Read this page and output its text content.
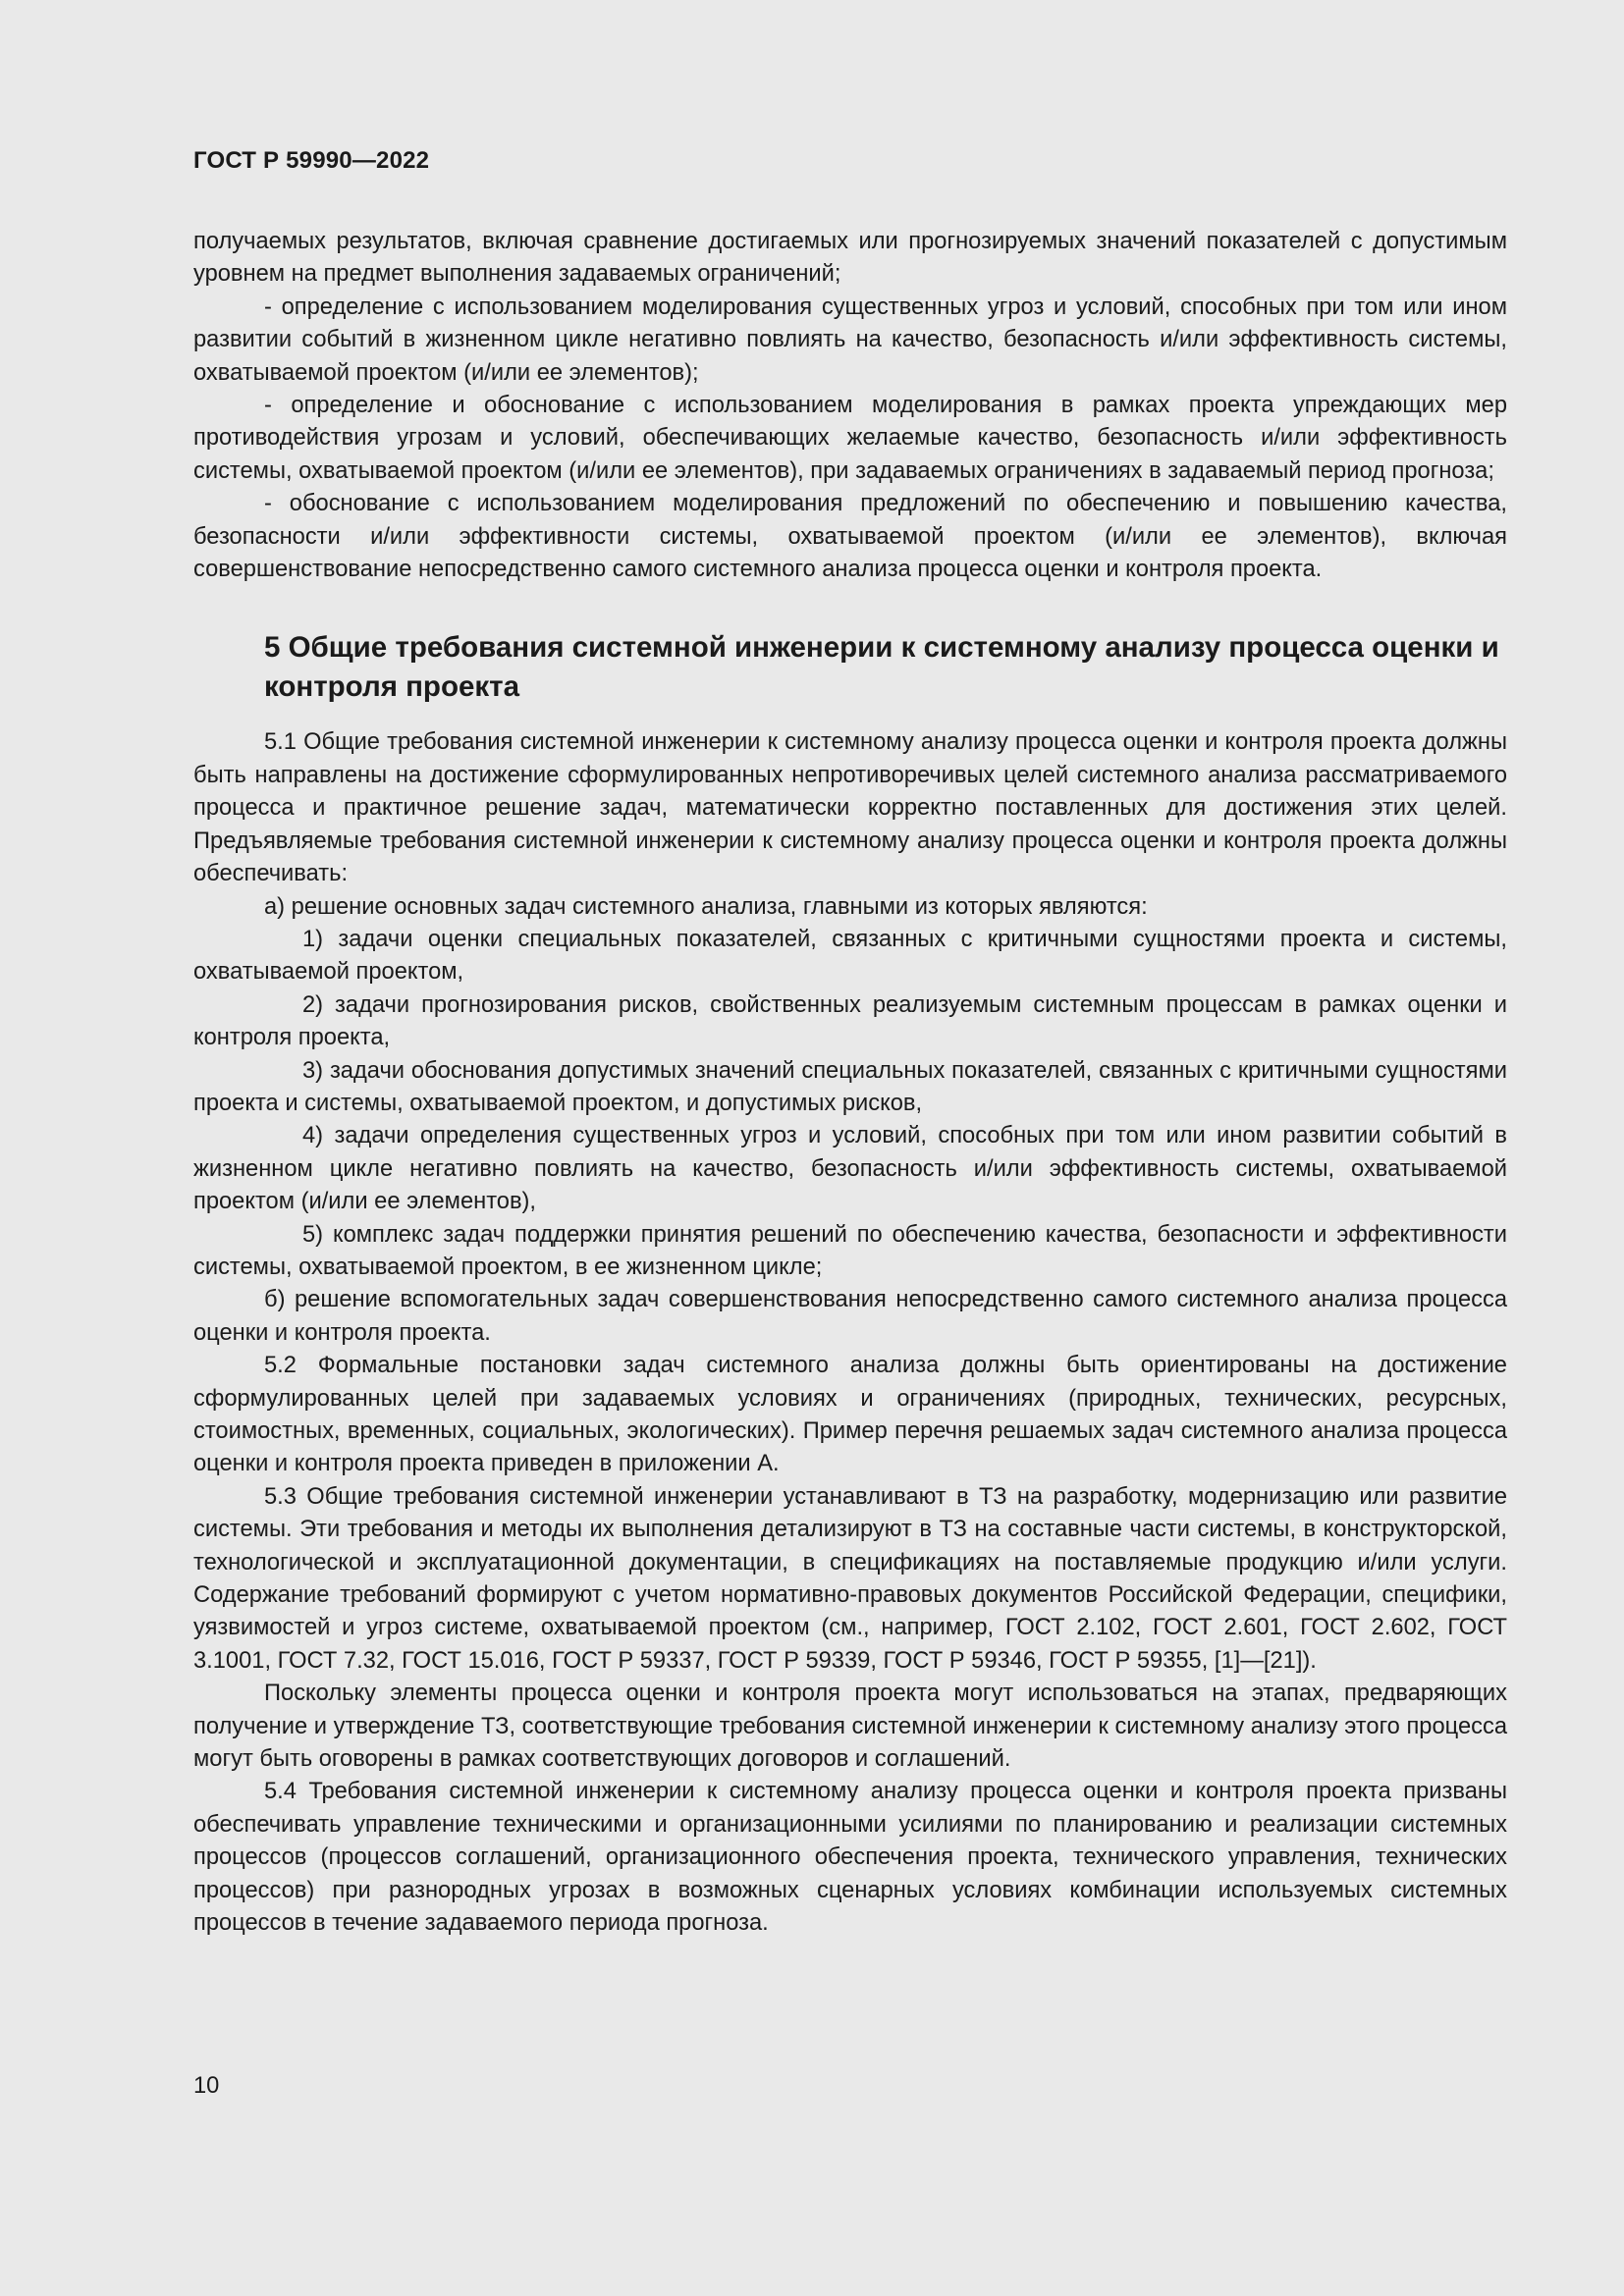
ГОСТ Р 59990—2022

получаемых результатов, включая сравнение достигаемых или прогнозируемых значений показателей с допустимым уровнем на предмет выполнения задаваемых ограничений;

- определение с использованием моделирования существенных угроз и условий, способных при том или ином развитии событий в жизненном цикле негативно повлиять на качество, безопасность и/или эффективность системы, охватываемой проектом (и/или ее элементов);

- определение и обоснование с использованием моделирования в рамках проекта упреждающих мер противодействия угрозам и условий, обеспечивающих желаемые качество, безопасность и/или эффективность системы, охватываемой проектом (и/или ее элементов), при задаваемых ограничениях в задаваемый период прогноза;

- обоснование с использованием моделирования предложений по обеспечению и повышению качества, безопасности и/или эффективности системы, охватываемой проектом (и/или ее элементов), включая совершенствование непосредственно самого системного анализа процесса оценки и контроля проекта.

5 Общие требования системной инженерии к системному анализу процесса оценки и контроля проекта

5.1 Общие требования системной инженерии к системному анализу процесса оценки и контроля проекта должны быть направлены на достижение сформулированных непротиворечивых целей системного анализа рассматриваемого процесса и практичное решение задач, математически корректно поставленных для достижения этих целей. Предъявляемые требования системной инженерии к системному анализу процесса оценки и контроля проекта должны обеспечивать:

а) решение основных задач системного анализа, главными из которых являются:

1) задачи оценки специальных показателей, связанных с критичными сущностями проекта и системы, охватываемой проектом,

2) задачи прогнозирования рисков, свойственных реализуемым системным процессам в рамках оценки и контроля проекта,

3) задачи обоснования допустимых значений специальных показателей, связанных с критичными сущностями проекта и системы, охватываемой проектом, и допустимых рисков,

4) задачи определения существенных угроз и условий, способных при том или ином развитии событий в жизненном цикле негативно повлиять на качество, безопасность и/или эффективность системы, охватываемой проектом (и/или ее элементов),

5) комплекс задач поддержки принятия решений по обеспечению качества, безопасности и эффективности системы, охватываемой проектом, в ее жизненном цикле;

б) решение вспомогательных задач совершенствования непосредственно самого системного анализа процесса оценки и контроля проекта.

5.2 Формальные постановки задач системного анализа должны быть ориентированы на достижение сформулированных целей при задаваемых условиях и ограничениях (природных, технических, ресурсных, стоимостных, временных, социальных, экологических). Пример перечня решаемых задач системного анализа процесса оценки и контроля проекта приведен в приложении А.

5.3 Общие требования системной инженерии устанавливают в ТЗ на разработку, модернизацию или развитие системы. Эти требования и методы их выполнения детализируют в ТЗ на составные части системы, в конструкторской, технологической и эксплуатационной документации, в спецификациях на поставляемые продукцию и/или услуги. Содержание требований формируют с учетом нормативно-правовых документов Российской Федерации, специфики, уязвимостей и угроз системе, охватываемой проектом (см., например, ГОСТ 2.102, ГОСТ 2.601, ГОСТ 2.602, ГОСТ 3.1001, ГОСТ 7.32, ГОСТ 15.016, ГОСТ Р 59337, ГОСТ Р 59339, ГОСТ Р 59346, ГОСТ Р 59355, [1]—[21]).

Поскольку элементы процесса оценки и контроля проекта могут использоваться на этапах, предваряющих получение и утверждение ТЗ, соответствующие требования системной инженерии к системному анализу этого процесса могут быть оговорены в рамках соответствующих договоров и соглашений.

5.4 Требования системной инженерии к системному анализу процесса оценки и контроля проекта призваны обеспечивать управление техническими и организационными усилиями по планированию и реализации системных процессов (процессов соглашений, организационного обеспечения проекта, технического управления, технических процессов) при разнородных угрозах в возможных сценарных условиях комбинации используемых системных процессов в течение задаваемого периода прогноза.

10
